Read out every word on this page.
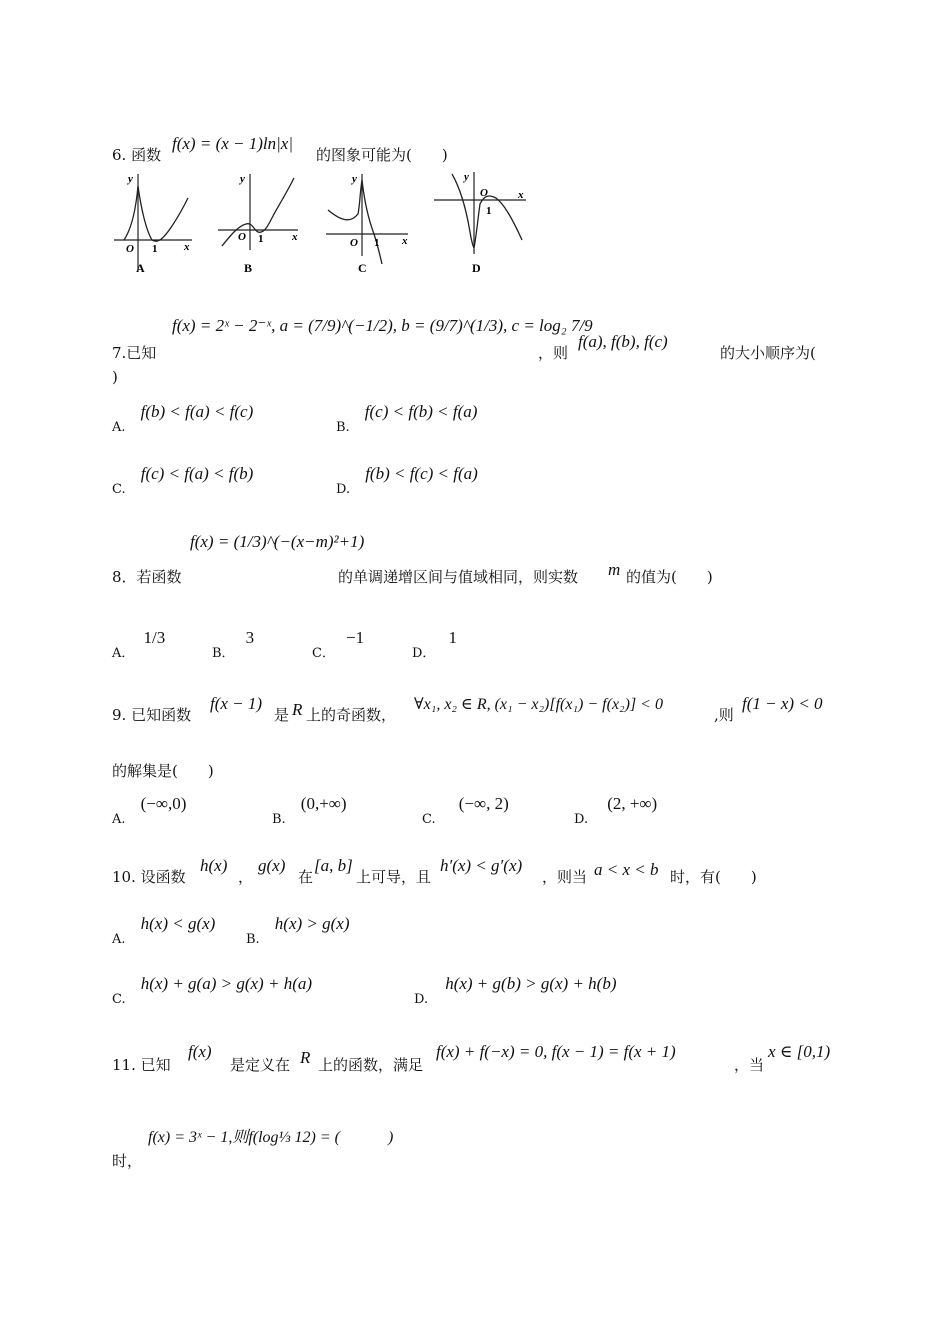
6. 函数
f(x) = (x − 1)ln|x|
的图象可能为(　　)
y
x
O 1
A
y
x
O 1
B
y
x
O 1
C
y
x
O
1
D
f(x) = 2ˣ − 2⁻ˣ, a = (7/9)^(−1/2), b = (9/7)^(1/3), c = log₂ 7/9
7.已知	，则
f(a), f(b), f(c)
的大小顺序为(
)
$_{A.}$ f(b) < f(a) < f(c)
$_{B.}$ f(c) < f(b) < f(a)
$_{C.}$ f(c) < f(a) < f(b)
$_{D.}$ f(b) < f(c) < f(a)
f(x) = (1/3)^(−(x−m)²+1)
8．若函数	的单调递增区间与值域相同，则实数 m 的值为(　　)
$_{A.}$ 1/3
$_{B.}$ 3
$_{C.}$ −1
$_{D.}$ 1
9. 已知函数
f(x − 1)
是 R 上的奇函数，
∀x₁, x₂ ∈ R, (x₁ − x₂)[f(x₁) − f(x₂)] < 0
,则
f(1 − x) < 0
的解集是(　　)
$_{A.}$ (−∞,0)
$_{B.}$ (0,+∞)
$_{C.}$ (−∞, 2)
$_{D.}$ (2, +∞)
10. 设函数
h(x)
，
g(x)
在
[a, b]
上可导，且
h′(x) < g′(x)
，则当 a < x < b 时，有(　　)
$_{A.}$ h(x) < g(x)
$_{B.}$ h(x) > g(x)
$_{C.}$ h(x) + g(a) > g(x) + h(a)
$_{D.}$ h(x) + g(b) > g(x) + h(b)
11. 已知
f(x)
是定义在 R 上的函数，满足
f(x) + f(−x) = 0, f(x − 1) = f(x + 1)
，当
x ∈ [0,1)
f(x) = 3ˣ − 1,则f(log⅓ 12) = (　　　)
时，
